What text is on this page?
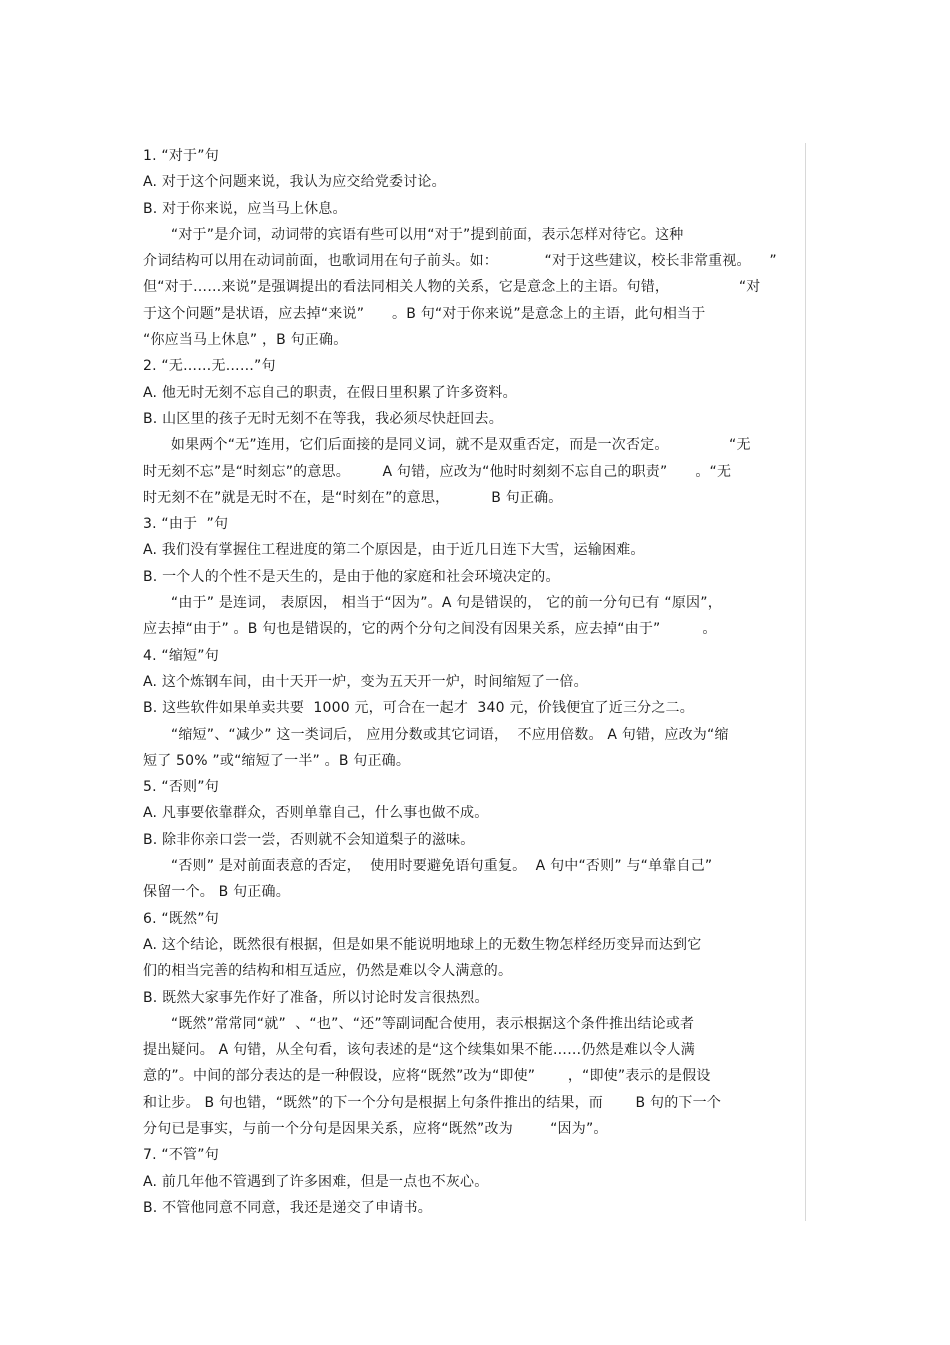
1. “对于”句
A. 对于这个问题来说，我认为应交给党委讨论。
B. 对于你来说，应当马上休息。
“对于”是介词，动词带的宾语有些可以用“对于”提到前面，表示怎样对待它。这种
介词结构可以用在动词前面，也歌词用在句子前头。如：          “对于这些建议，校长非常重视。    ”
但“对于……来说”是强调提出的看法同相关人物的关系，它是意念上的主语。句错，               “对
于这个问题”是状语，应去掉“来说”      。B 句“对于你来说”是意念上的主语，此句相当于
“你应当马上休息” ，B 句正确。
2. “无……无……”句
A. 他无时无刻不忘自己的职责，在假日里积累了许多资料。
B. 山区里的孩子无时无刻不在等我，我必须尽快赶回去。
如果两个“无”连用，它们后面接的是同义词，就不是双重否定，而是一次否定。             “无
时无刻不忘”是“时刻忘”的意思。       A 句错，应改为“他时时刻刻不忘自己的职责”      。“无
时无刻不在”就是无时不在，是“时刻在”的意思，         B 句正确。
3. “由于  ”句
A. 我们没有掌握住工程进度的第二个原因是，由于近几日连下大雪，运输困难。
B. 一个人的个性不是天生的，是由于他的家庭和社会环境决定的。
“由于” 是连词， 表原因， 相当于“因为”。A 句是错误的， 它的前一分句已有 “原因”，
应去掉“由于” 。B 句也是错误的，它的两个分句之间没有因果关系，应去掉“由于”         。
4. “缩短”句
A. 这个炼钢车间，由十天开一炉，变为五天开一炉，时间缩短了一倍。
B. 这些软件如果单卖共要  1000 元，可合在一起才  340 元，价钱便宜了近三分之二。
“缩短”、“减少” 这一类词后， 应用分数或其它词语，  不应用倍数。 A 句错，应改为“缩
短了 50% ”或“缩短了一半” 。B 句正确。
5. “否则”句
A. 凡事要依靠群众，否则单靠自己，什么事也做不成。
B. 除非你亲口尝一尝，否则就不会知道梨子的滋味。
“否则” 是对前面表意的否定，  使用时要避免语句重复。  A 句中“否则” 与“单靠自己”
保留一个。 B 句正确。
6. “既然”句
A. 这个结论，既然很有根据，但是如果不能说明地球上的无数生物怎样经历变异而达到它
们的相当完善的结构和相互适应，仍然是难以令人满意的。
B. 既然大家事先作好了准备，所以讨论时发言很热烈。
“既然”常常同“就”  、“也”、“还”等副词配合使用，表示根据这个条件推出结论或者
提出疑问。 A 句错，从全句看，该句表述的是“这个续集如果不能……仍然是难以令人满
意的”。中间的部分表达的是一种假设，应将“既然”改为“即使”       ，“即使”表示的是假设
和让步。 B 句也错，“既然”的下一个分句是根据上句条件推出的结果，而       B 句的下一个
分句已是事实，与前一个分句是因果关系，应将“既然”改为        “因为”。
7. “不管”句
A. 前几年他不管遇到了许多困难，但是一点也不灰心。
B. 不管他同意不同意，我还是递交了申请书。
